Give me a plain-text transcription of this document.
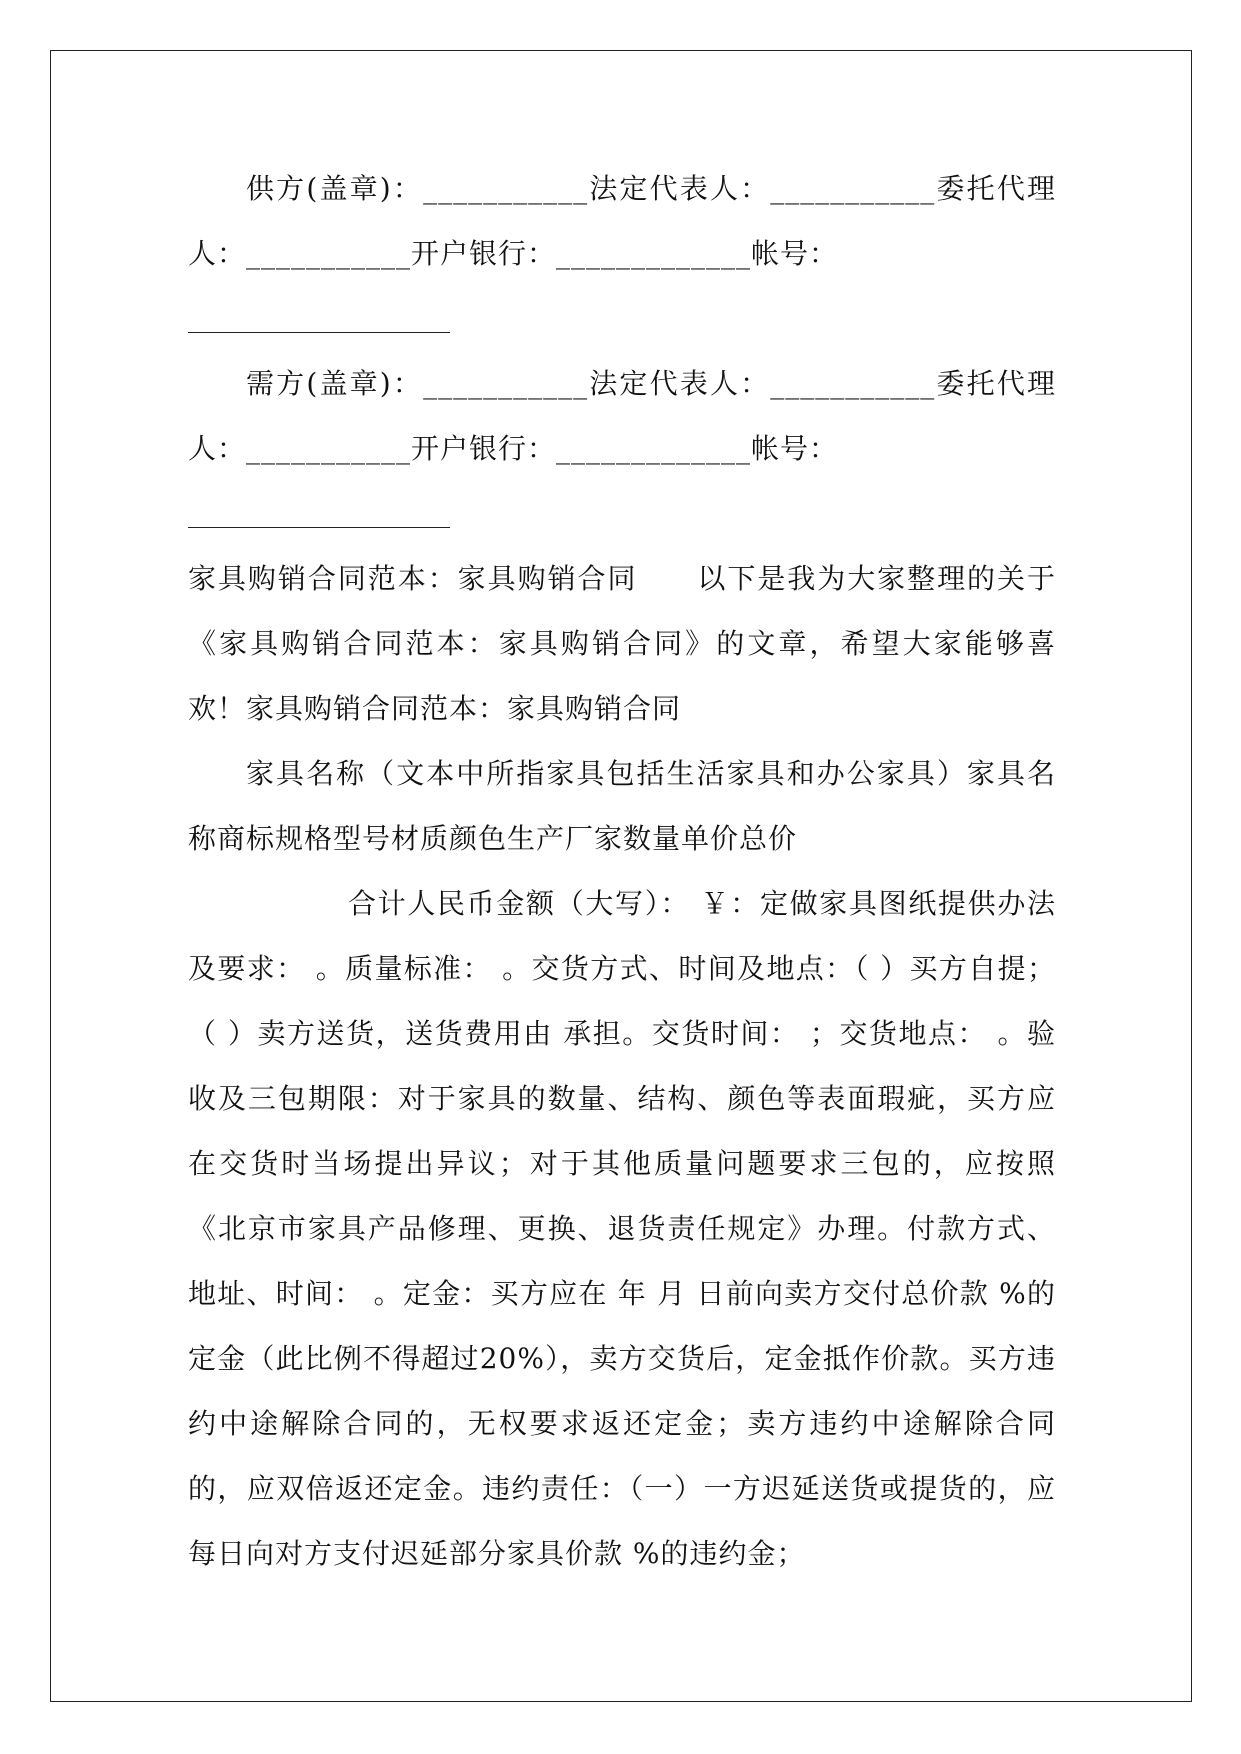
供方(盖章)：___________法定代表人：___________委托代理人：___________开户银行：_____________帐号：

需方(盖章)：___________法定代表人：___________委托代理人：___________开户银行：_____________帐号：

家具购销合同范本：家具购销合同　　以下是我为大家整理的关于《家具购销合同范本：家具购销合同》的文章，希望大家能够喜欢！家具购销合同范本：家具购销合同

家具名称（文本中所指家具包括生活家具和办公家具）家具名称商标规格型号材质颜色生产厂家数量单价总价

合计人民币金额（大写）： ￥：定做家具图纸提供办法及要求： 。质量标准： 。交货方式、时间及地点：（ ）买方自提；（ ）卖方送货，送货费用由 承担。交货时间： ；交货地点： 。验收及三包期限：对于家具的数量、结构、颜色等表面瑕疵，买方应在交货时当场提出异议；对于其他质量问题要求三包的，应按照《北京市家具产品修理、更换、退货责任规定》办理。付款方式、地址、时间： 。定金：买方应在 年 月 日前向卖方交付总价款 %的定金（此比例不得超过20%），卖方交货后，定金抵作价款。买方违约中途解除合同的，无权要求返还定金；卖方违约中途解除合同的，应双倍返还定金。违约责任：（一）一方迟延送货或提货的，应每日向对方支付迟延部分家具价款 %的违约金；
